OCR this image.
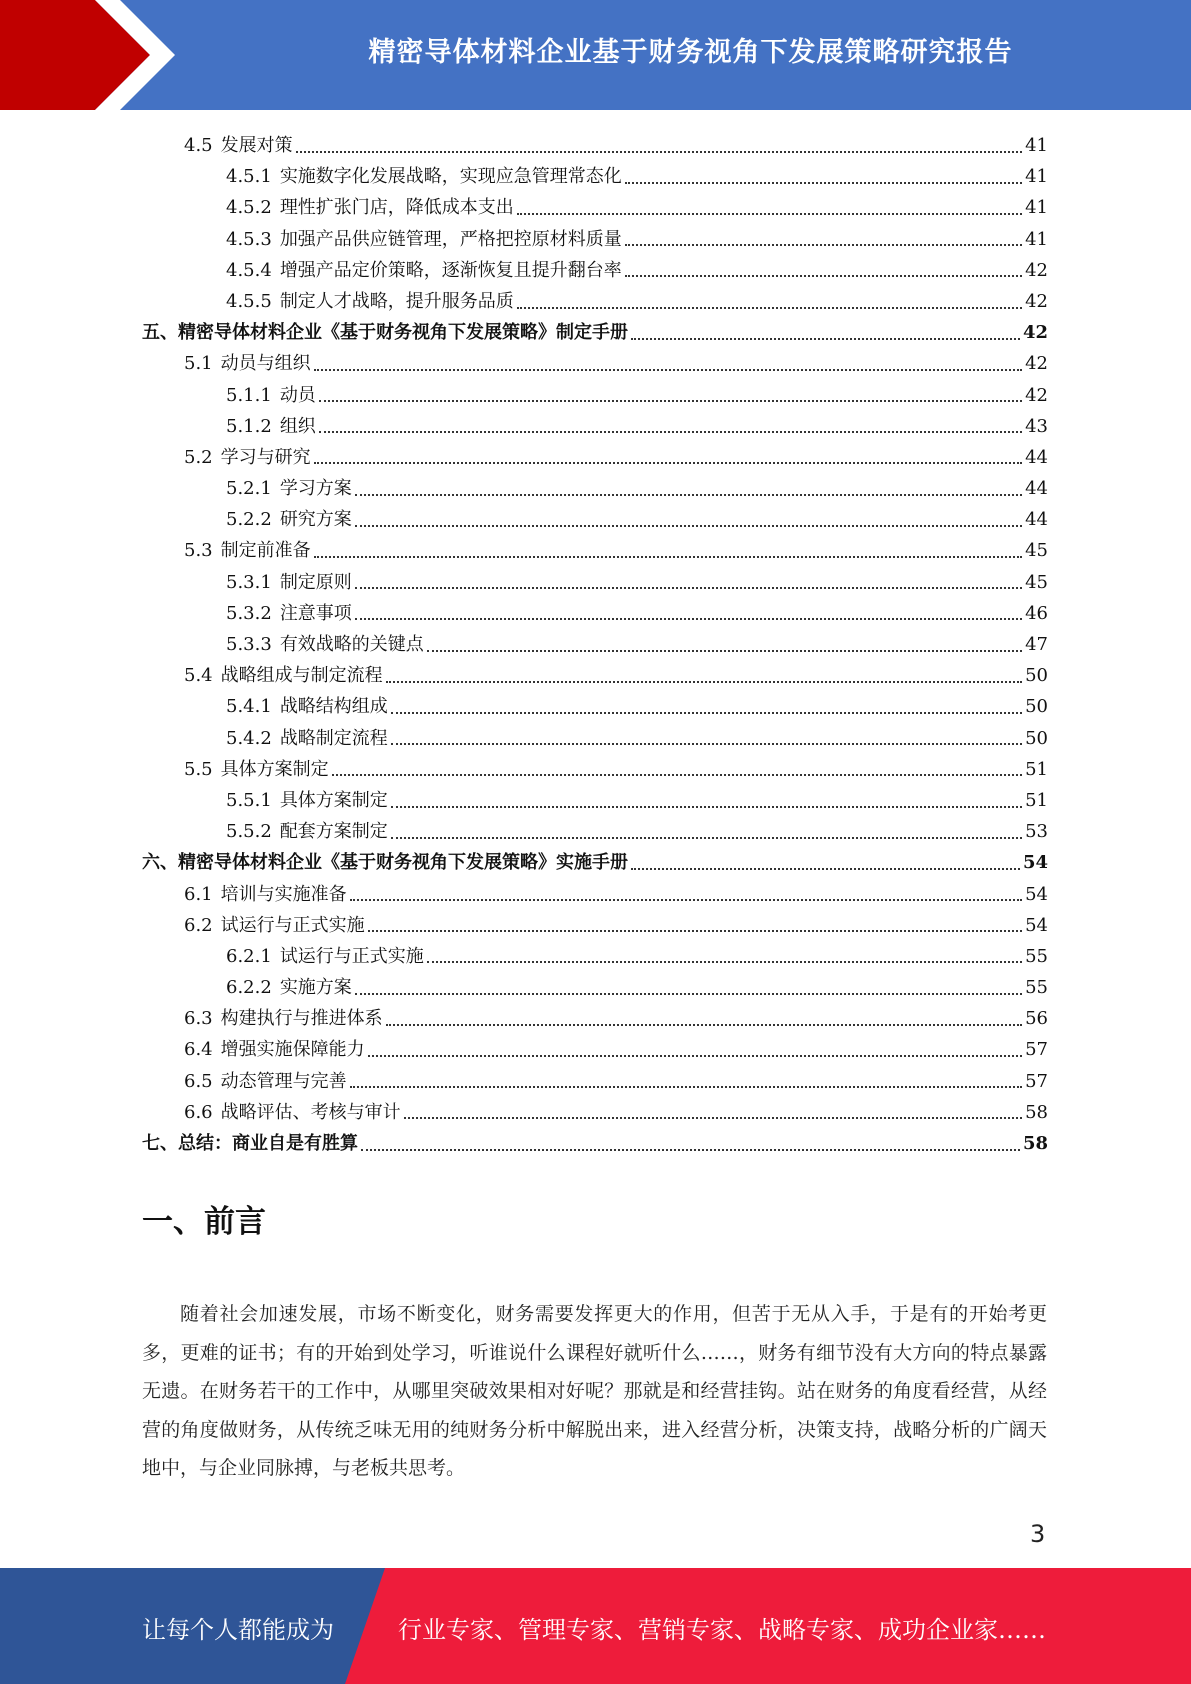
精密导体材料企业基于财务视角下发展策略研究报告
4.5 发展对策	41
4.5.1 实施数字化发展战略，实现应急管理常态化	41
4.5.2 理性扩张门店，降低成本支出	41
4.5.3 加强产品供应链管理，严格把控原材料质量	41
4.5.4 增强产品定价策略，逐渐恢复且提升翻台率	42
4.5.5 制定人才战略，提升服务品质	42
五、 精密导体材料企业《基于财务视角下发展策略》制定手册	42
5.1 动员与组织	42
5.1.1 动员	42
5.1.2 组织	43
5.2 学习与研究	44
5.2.1 学习方案	44
5.2.2 研究方案	44
5.3 制定前准备	45
5.3.1 制定原则	45
5.3.2 注意事项	46
5.3.3 有效战略的关键点	47
5.4 战略组成与制定流程	50
5.4.1 战略结构组成	50
5.4.2 战略制定流程	50
5.5 具体方案制定	51
5.5.1 具体方案制定	51
5.5.2 配套方案制定	53
六、 精密导体材料企业《基于财务视角下发展策略》实施手册	54
6.1 培训与实施准备	54
6.2 试运行与正式实施	54
6.2.1 试运行与正式实施	55
6.2.2 实施方案	55
6.3 构建执行与推进体系	56
6.4 增强实施保障能力	57
6.5 动态管理与完善	57
6.6 战略评估、考核与审计	58
七、 总结：商业自是有胜算	58
一、前言
随着社会加速发展，市场不断变化，财务需要发挥更大的作用，但苦于无从入手，于是有的开始考更多，更难的证书；有的开始到处学习，听谁说什么课程好就听什么……，财务有细节没有大方向的特点暴露无遗。在财务若干的工作中，从哪里突破效果相对好呢？那就是和经营挂钩。站在财务的角度看经营，从经营的角度做财务，从传统乏味无用的纯财务分析中解脱出来，进入经营分析，决策支持，战略分析的广阔天地中，与企业同脉搏，与老板共思考。
3
让每个人都能成为	行业专家、管理专家、营销专家、战略专家、成功企业家……
